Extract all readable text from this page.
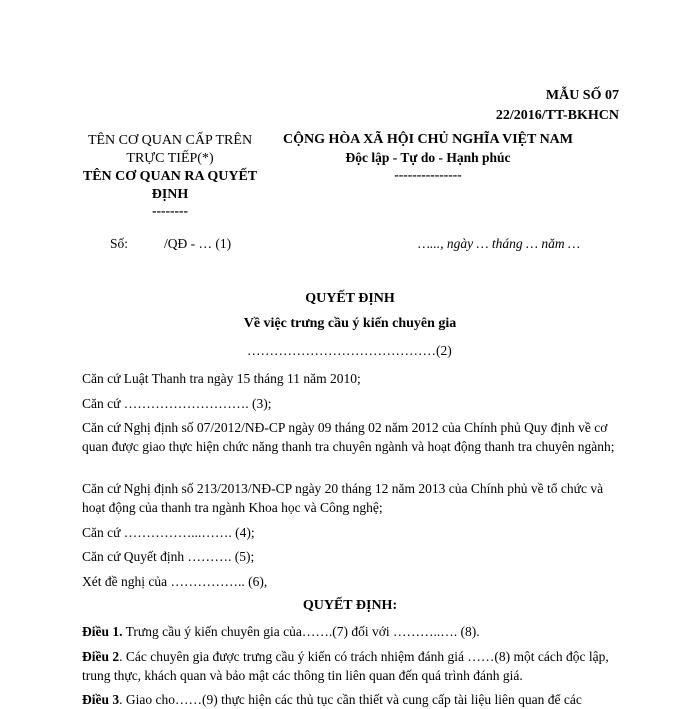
MẪU SỐ 07
22/2016/TT-BKHCN
TÊN CƠ QUAN CẤP TRÊN
TRỰC TIẾP(*)
TÊN CƠ QUAN RA QUYẾT
ĐỊNH
--------
CỘNG HÒA XÃ HỘI CHỦ NGHĨA VIỆT NAM
Độc lập - Tự do - Hạnh phúc
---------------
Số:	/QĐ - … (1)	…..., ngày … tháng … năm …
QUYẾT ĐỊNH
Về việc trưng cầu ý kiến chuyên gia
……………………………………(2)
Căn cứ Luật Thanh tra ngày 15 tháng 11 năm 2010;
Căn cứ ………………………. (3);
Căn cứ Nghị định số 07/2012/NĐ-CP ngày 09 tháng 02 năm 2012 của Chính phủ Quy định về cơ quan được giao thực hiện chức năng thanh tra chuyên ngành và hoạt động thanh tra chuyên ngành;
Căn cứ Nghị định số 213/2013/NĐ-CP ngày 20 tháng 12 năm 2013 của Chính phủ về tổ chức và hoạt động của thanh tra ngành Khoa học và Công nghệ;
Căn cứ ……………...……. (4);
Căn cứ Quyết định ………. (5);
Xét đề nghị của …………….. (6),
QUYẾT ĐỊNH:
Điều 1. Trưng cầu ý kiến chuyên gia của…….(7) đối với ………..…. (8).
Điều 2. Các chuyên gia được trưng cầu ý kiến có trách nhiệm đánh giá ……(8) một cách độc lập, trung thực, khách quan và bảo mật các thông tin liên quan đến quá trình đánh giá.
Điều 3. Giao cho……(9) thực hiện các thủ tục cần thiết và cung cấp tài liệu liên quan để các
